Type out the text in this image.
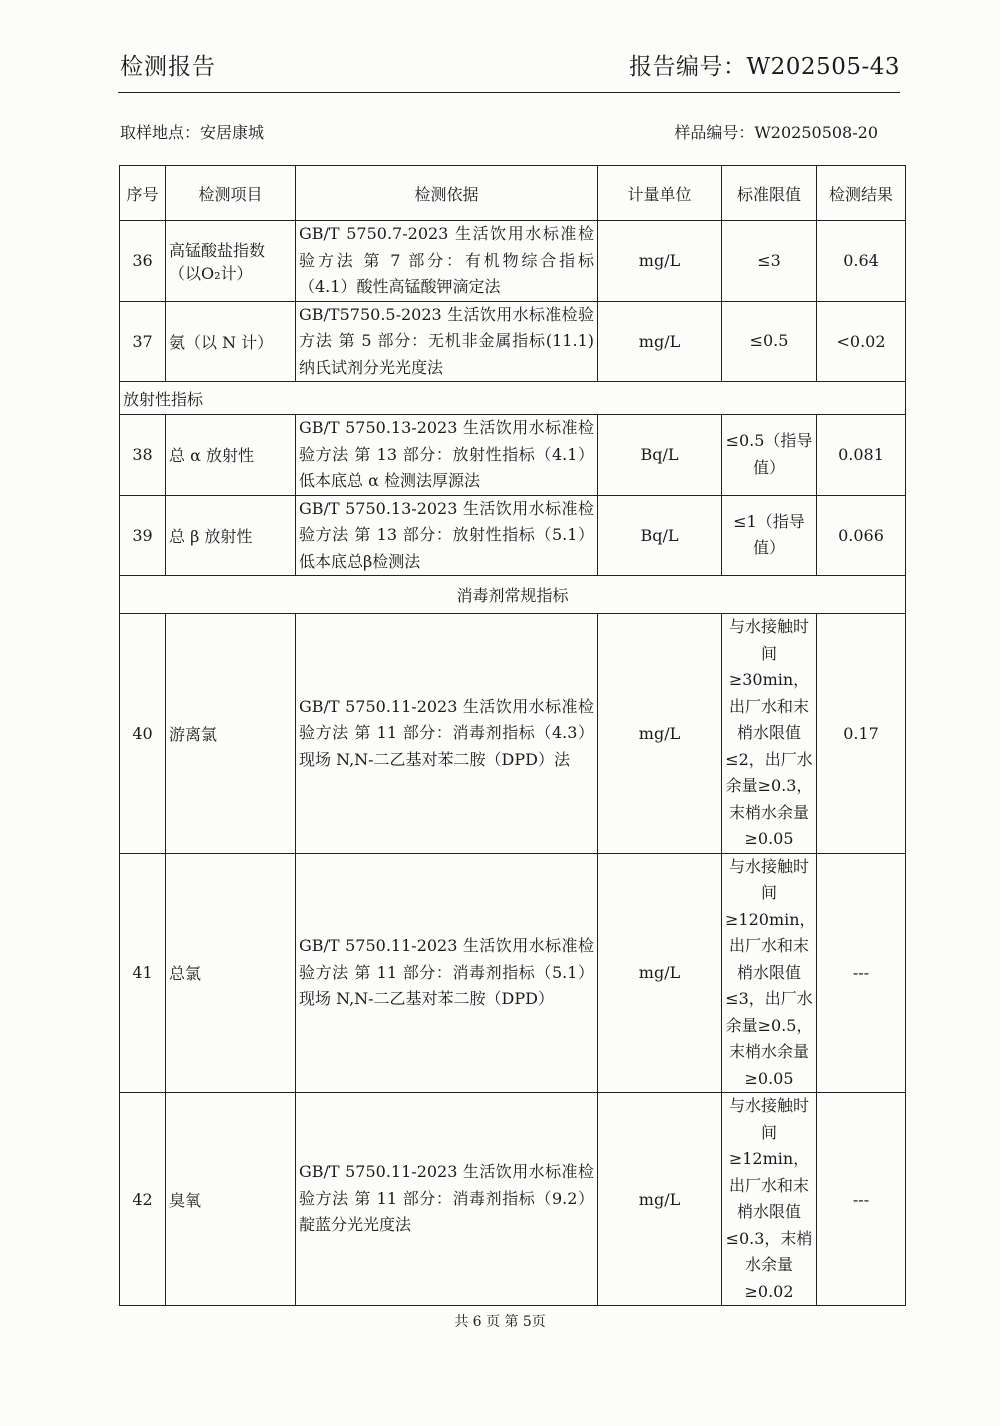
检测报告	报告编号：W202505-43
取样地点：安居康城	样品编号：W20250508-20
序号	检测项目	检测依据	计量单位	标准限值	检测结果
36	高锰酸盐指数（以O₂计）	GB/T 5750.7-2023 生活饮用水标准检验方法 第 7 部分：有机物综合指标（4.1）酸性高锰酸钾滴定法	mg/L	≤3	0.64
37	氨（以 N 计）	GB/T5750.5-2023 生活饮用水标准检验方法 第 5 部分：无机非金属指标(11.1)纳氏试剂分光光度法	mg/L	≤0.5	<0.02
放射性指标					
38	总 α 放射性	GB/T 5750.13-2023 生活饮用水标准检验方法 第 13 部分：放射性指标（4.1）低本底总 α 检测法厚源法	Bq/L	≤0.5（指导值）	0.081
39	总 β 放射性	GB/T 5750.13-2023 生活饮用水标准检验方法 第 13 部分：放射性指标（5.1）低本底总β检测法	Bq/L	≤1（指导值）	0.066
消毒剂常规指标					
40	游离氯	GB/T 5750.11-2023 生活饮用水标准检验方法 第 11 部分：消毒剂指标（4.3）现场 N,N-二乙基对苯二胺（DPD）法	mg/L	与水接触时间≥30min，出厂水和末梢水限值≤2，出厂水余量≥0.3，末梢水余量≥0.05	0.17
41	总氯	GB/T 5750.11-2023 生活饮用水标准检验方法 第 11 部分：消毒剂指标（5.1）现场 N,N-二乙基对苯二胺（DPD）	mg/L	与水接触时间≥120min，出厂水和末梢水限值≤3，出厂水余量≥0.5，末梢水余量≥0.05	---
42	臭氧	GB/T 5750.11-2023 生活饮用水标准检验方法 第 11 部分：消毒剂指标（9.2）靛蓝分光光度法	mg/L	与水接触时间≥12min，出厂水和末梢水限值≤0.3，末梢水余量≥0.02	---
共 6 页 第 5页
